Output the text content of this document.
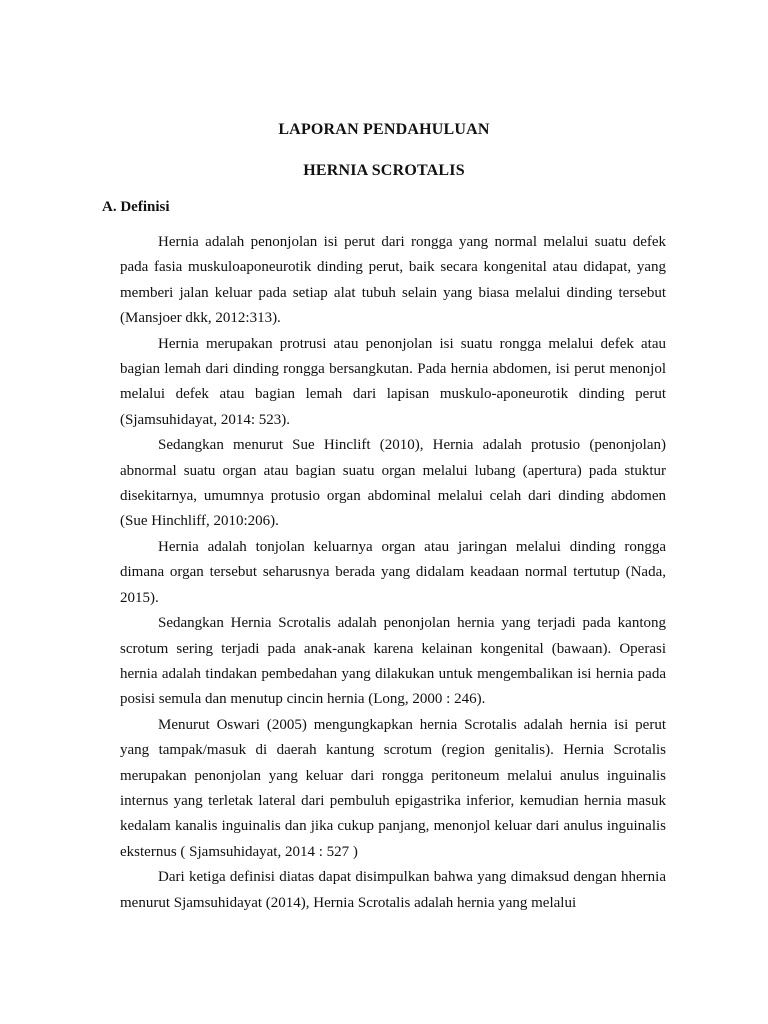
LAPORAN PENDAHULUAN
HERNIA SCROTALIS
A. Definisi

Hernia adalah penonjolan isi perut dari rongga yang normal melalui suatu defek pada fasia muskuloaponeurotik dinding perut, baik secara kongenital atau didapat, yang memberi jalan keluar pada setiap alat tubuh selain yang biasa melalui dinding tersebut (Mansjoer dkk, 2012:313).

Hernia merupakan protrusi atau penonjolan isi suatu rongga melalui defek atau bagian lemah dari dinding rongga bersangkutan. Pada hernia abdomen, isi perut menonjol melalui defek atau bagian lemah dari lapisan muskulo-aponeurotik dinding perut (Sjamsuhidayat, 2014: 523).

Sedangkan menurut Sue Hinclift (2010), Hernia adalah protusio (penonjolan) abnormal suatu organ atau bagian suatu organ melalui lubang (apertura) pada stuktur disekitarnya, umumnya protusio organ abdominal melalui celah dari dinding abdomen (Sue Hinchliff, 2010:206).

Hernia adalah tonjolan keluarnya organ atau jaringan melalui dinding rongga dimana organ tersebut seharusnya berada yang didalam keadaan normal tertutup (Nada, 2015).

Sedangkan Hernia Scrotalis adalah penonjolan hernia yang terjadi pada kantong scrotum sering terjadi pada anak-anak karena kelainan kongenital (bawaan). Operasi hernia adalah tindakan pembedahan yang dilakukan untuk mengembalikan isi hernia pada posisi semula dan menutup cincin hernia (Long, 2000 : 246).

Menurut Oswari (2005) mengungkapkan hernia Scrotalis adalah hernia isi perut yang tampak/masuk di daerah kantung scrotum (region genitalis). Hernia Scrotalis merupakan penonjolan yang keluar dari rongga peritoneum melalui anulus inguinalis internus yang terletak lateral dari pembuluh epigastrika inferior, kemudian hernia masuk kedalam kanalis inguinalis dan jika cukup panjang, menonjol keluar dari anulus inguinalis eksternus ( Sjamsuhidayat, 2014 : 527 )

Dari ketiga definisi diatas dapat disimpulkan bahwa yang dimaksud dengan hhernia menurut Sjamsuhidayat (2014), Hernia Scrotalis adalah hernia yang melalui
